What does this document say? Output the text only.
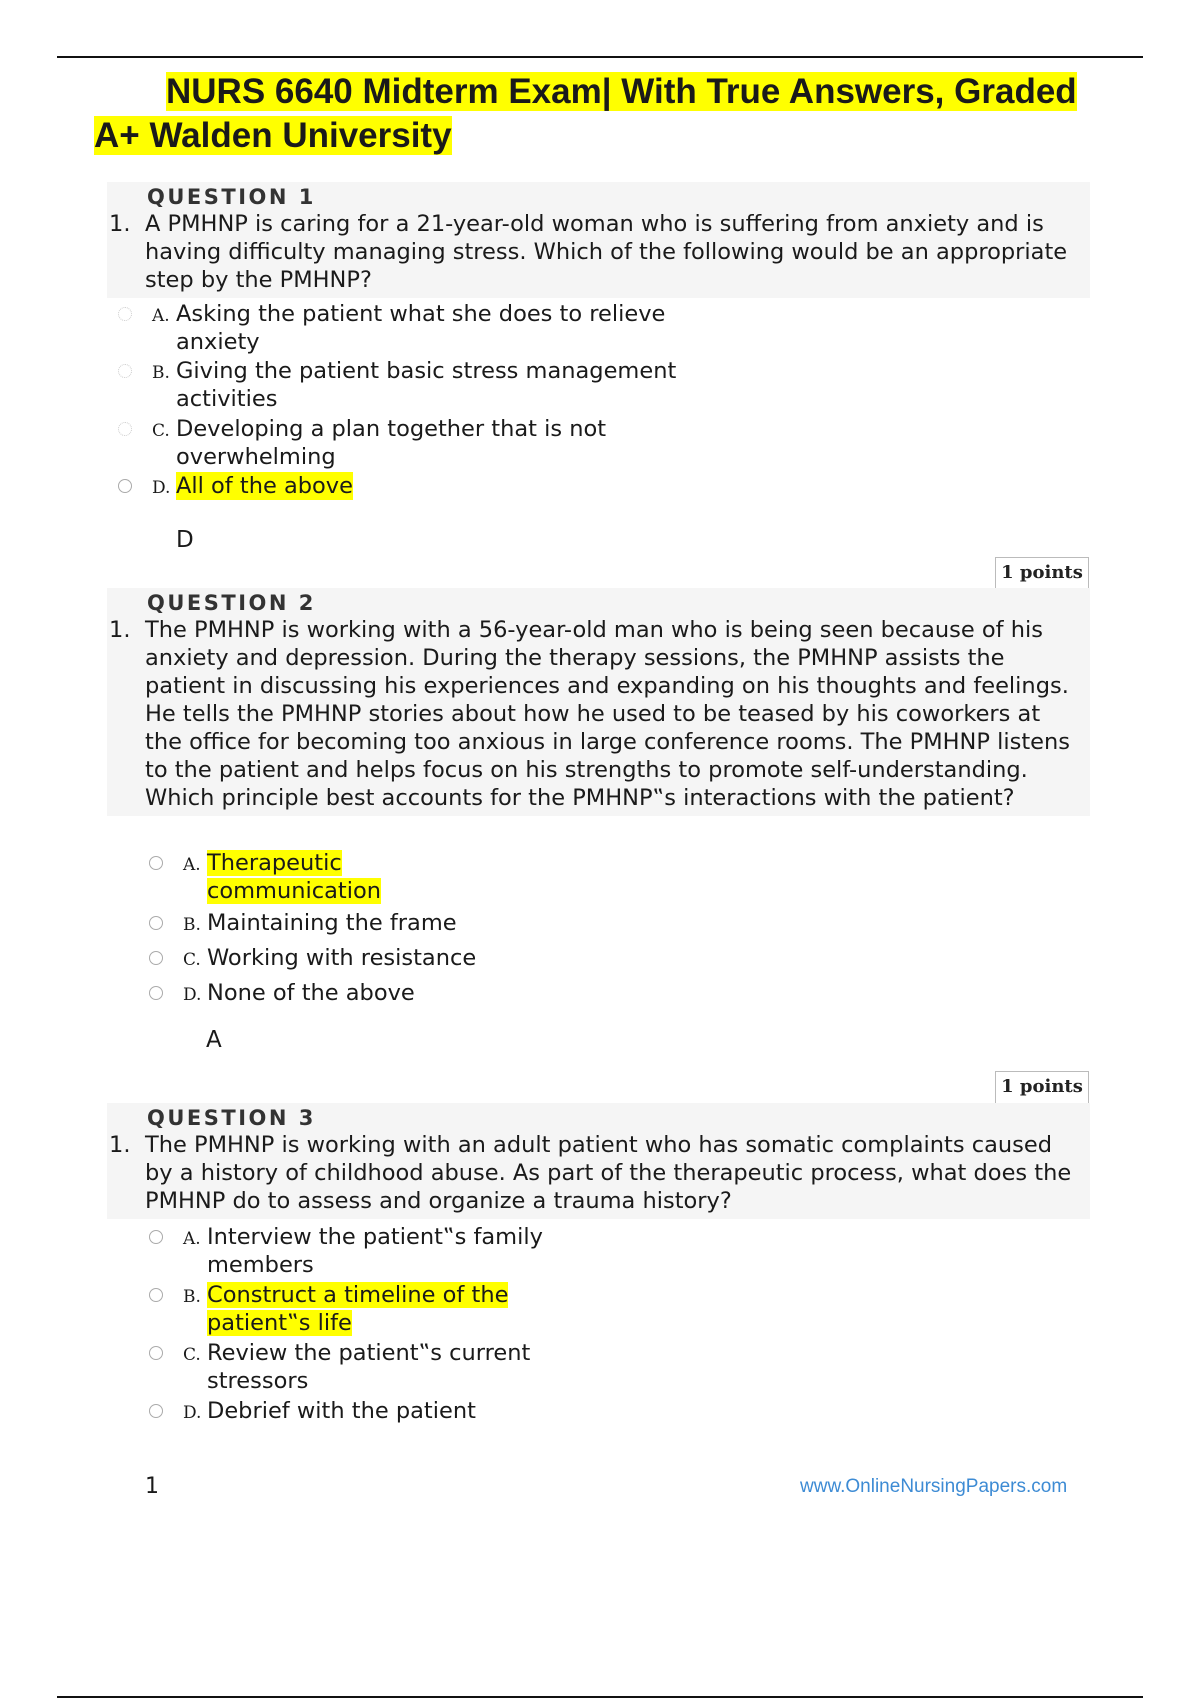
NURS 6640 Midterm Exam| With True Answers, Graded A+ Walden University
QUESTION 1
1. A PMHNP is caring for a 21-year-old woman who is suffering from anxiety and is having difficulty managing stress. Which of the following would be an appropriate step by the PMHNP?
A. Asking the patient what she does to relieve anxiety
B. Giving the patient basic stress management activities
C. Developing a plan together that is not overwhelming
D. All of the above
D
1 points
QUESTION 2
1. The PMHNP is working with a 56-year-old man who is being seen because of his anxiety and depression. During the therapy sessions, the PMHNP assists the patient in discussing his experiences and expanding on his thoughts and feelings. He tells the PMHNP stories about how he used to be teased by his coworkers at the office for becoming too anxious in large conference rooms. The PMHNP listens to the patient and helps focus on his strengths to promote self-understanding. Which principle best accounts for the PMHNP‟s interactions with the patient?
A. Therapeutic communication
B. Maintaining the frame
C. Working with resistance
D. None of the above
A
1 points
QUESTION 3
1. The PMHNP is working with an adult patient who has somatic complaints caused by a history of childhood abuse. As part of the therapeutic process, what does the PMHNP do to assess and organize a trauma history?
A. Interview the patient‟s family members
B. Construct a timeline of the patient‟s life
C. Review the patient‟s current stressors
D. Debrief with the patient
1	www.OnlineNursingPapers.com
